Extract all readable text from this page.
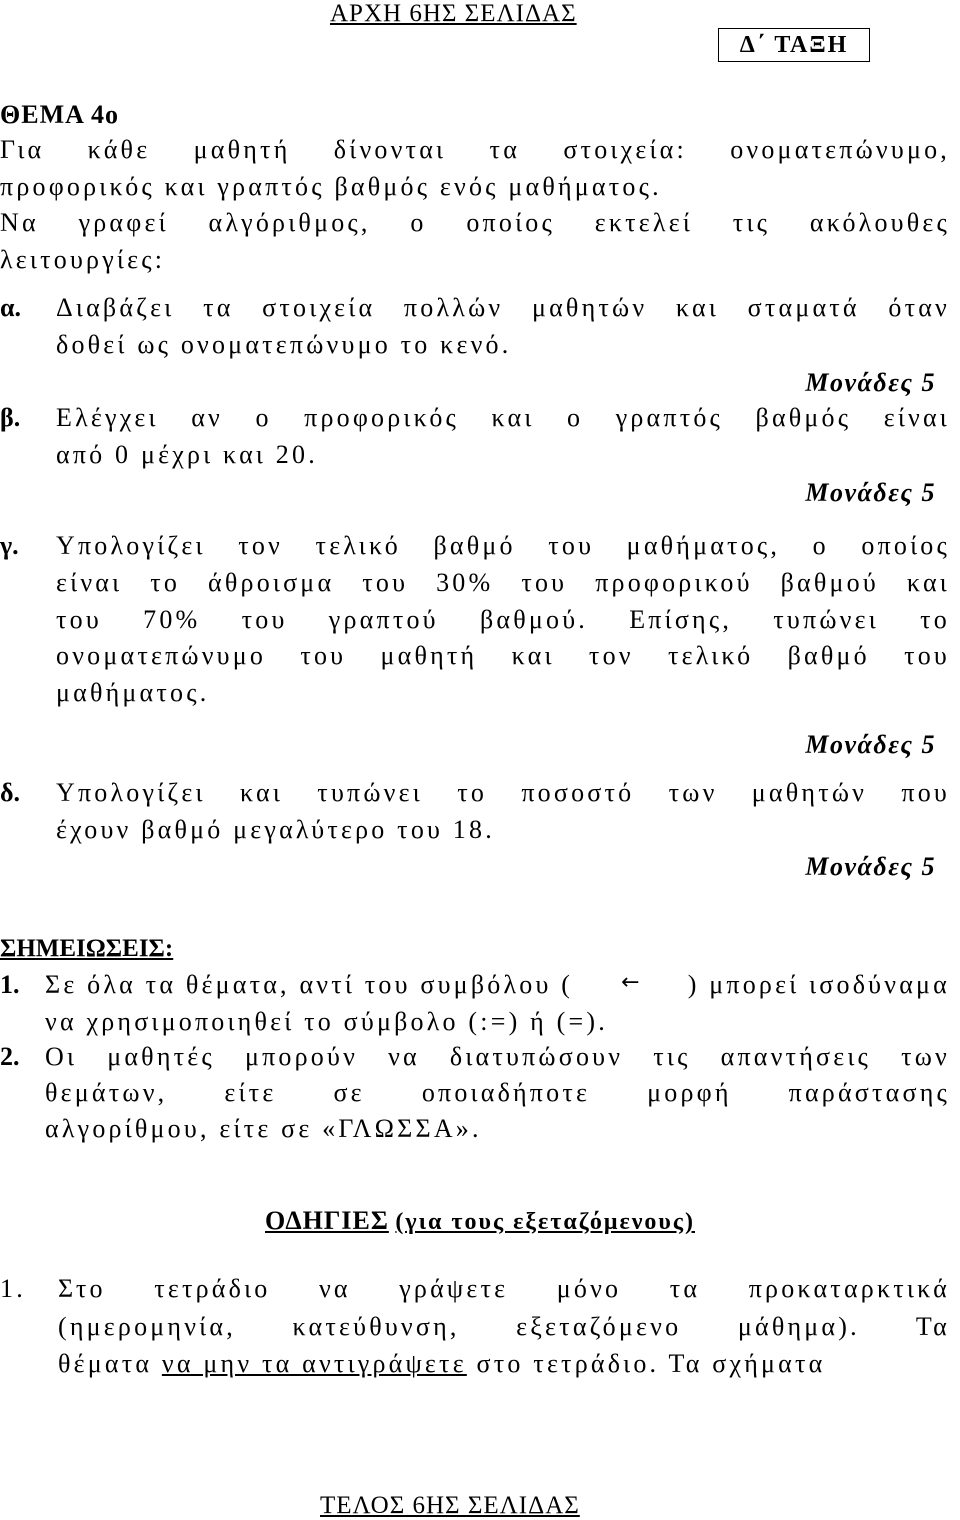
ΑΡΧΗ 6ΗΣ ΣΕΛΙΔΑΣ
Δ΄ ΤΑΞΗ
ΘΕΜΑ 4ο
Για κάθε μαθητή δίνονται τα στοιχεία: ονοματεπώνυμο,
προφορικός και γραπτός βαθμός ενός μαθήματος.
Να γραφεί αλγόριθμος, ο οποίος εκτελεί τις ακόλουθες
λειτουργίες:
α. Διαβάζει τα στοιχεία πολλών μαθητών και σταματά όταν
δοθεί ως ονοματεπώνυμο το κενό.
Μονάδες 5
β. Ελέγχει αν ο προφορικός και ο γραπτός βαθμός είναι
από 0 μέχρι και 20.
Μονάδες 5
γ. Υπολογίζει τον τελικό βαθμό του μαθήματος, ο οποίος
είναι το άθροισμα του 30% του προφορικού βαθμού και
του 70% του γραπτού βαθμού. Επίσης, τυπώνει το
ονοματεπώνυμο του μαθητή και τον τελικό βαθμό του
μαθήματος.
Μονάδες 5
δ. Υπολογίζει και τυπώνει το ποσοστό των μαθητών που
έχουν βαθμό μεγαλύτερο του 18.
Μονάδες 5
ΣΗΜΕΙΩΣΕΙΣ:
1. Σε όλα τα θέματα, αντί του συμβόλου ( ← ) μπορεί ισοδύναμα
να χρησιμοποιηθεί το σύμβολο (:=) ή (=).
2. Οι μαθητές μπορούν να διατυπώσουν τις απαντήσεις των
θεμάτων, είτε σε οποιαδήποτε μορφή παράστασης
αλγορίθμου, είτε σε «ΓΛΩΣΣΑ».
ΟΔΗΓΙΕΣ (για τους εξεταζόμενους)
1. Στο τετράδιο να γράψετε μόνο τα προκαταρκτικά
(ημερομηνία, κατεύθυνση, εξεταζόμενο μάθημα). Τα
θέματα να μην τα αντιγράψετε στο τετράδιο. Τα σχήματα
ΤΕΛΟΣ 6ΗΣ ΣΕΛΙΔΑΣ
